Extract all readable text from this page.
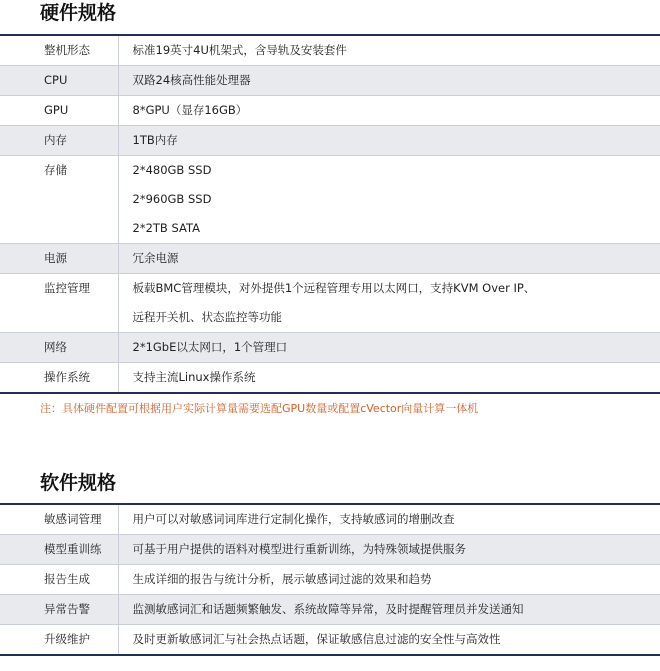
硬件规格
整机形态	标准19英寸4U机架式，含导轨及安装套件

CPU	双路24核高性能处理器

GPU	8*GPU（显存16GB）

内存	1TB内存

存储	2*480GB SSD
2*960GB SSD
2*2TB SATA

电源	冗余电源

监控管理	板载BMC管理模块，对外提供1个远程管理专用以太网口，支持KVM Over IP、
远程开关机、状态监控等功能

网络	2*1GbE以太网口，1个管理口

操作系统	支持主流Linux操作系统
注：具体硬件配置可根据用户实际计算量需要选配GPU数量或配置cVector向量计算一体机
软件规格
敏感词管理	用户可以对敏感词词库进行定制化操作，支持敏感词的增删改查

模型重训练	可基于用户提供的语料对模型进行重新训练，为特殊领域提供服务

报告生成	生成详细的报告与统计分析，展示敏感词过滤的效果和趋势

异常告警	监测敏感词汇和话题频繁触发、系统故障等异常，及时提醒管理员并发送通知

升级维护	及时更新敏感词汇与社会热点话题，保证敏感信息过滤的安全性与高效性
